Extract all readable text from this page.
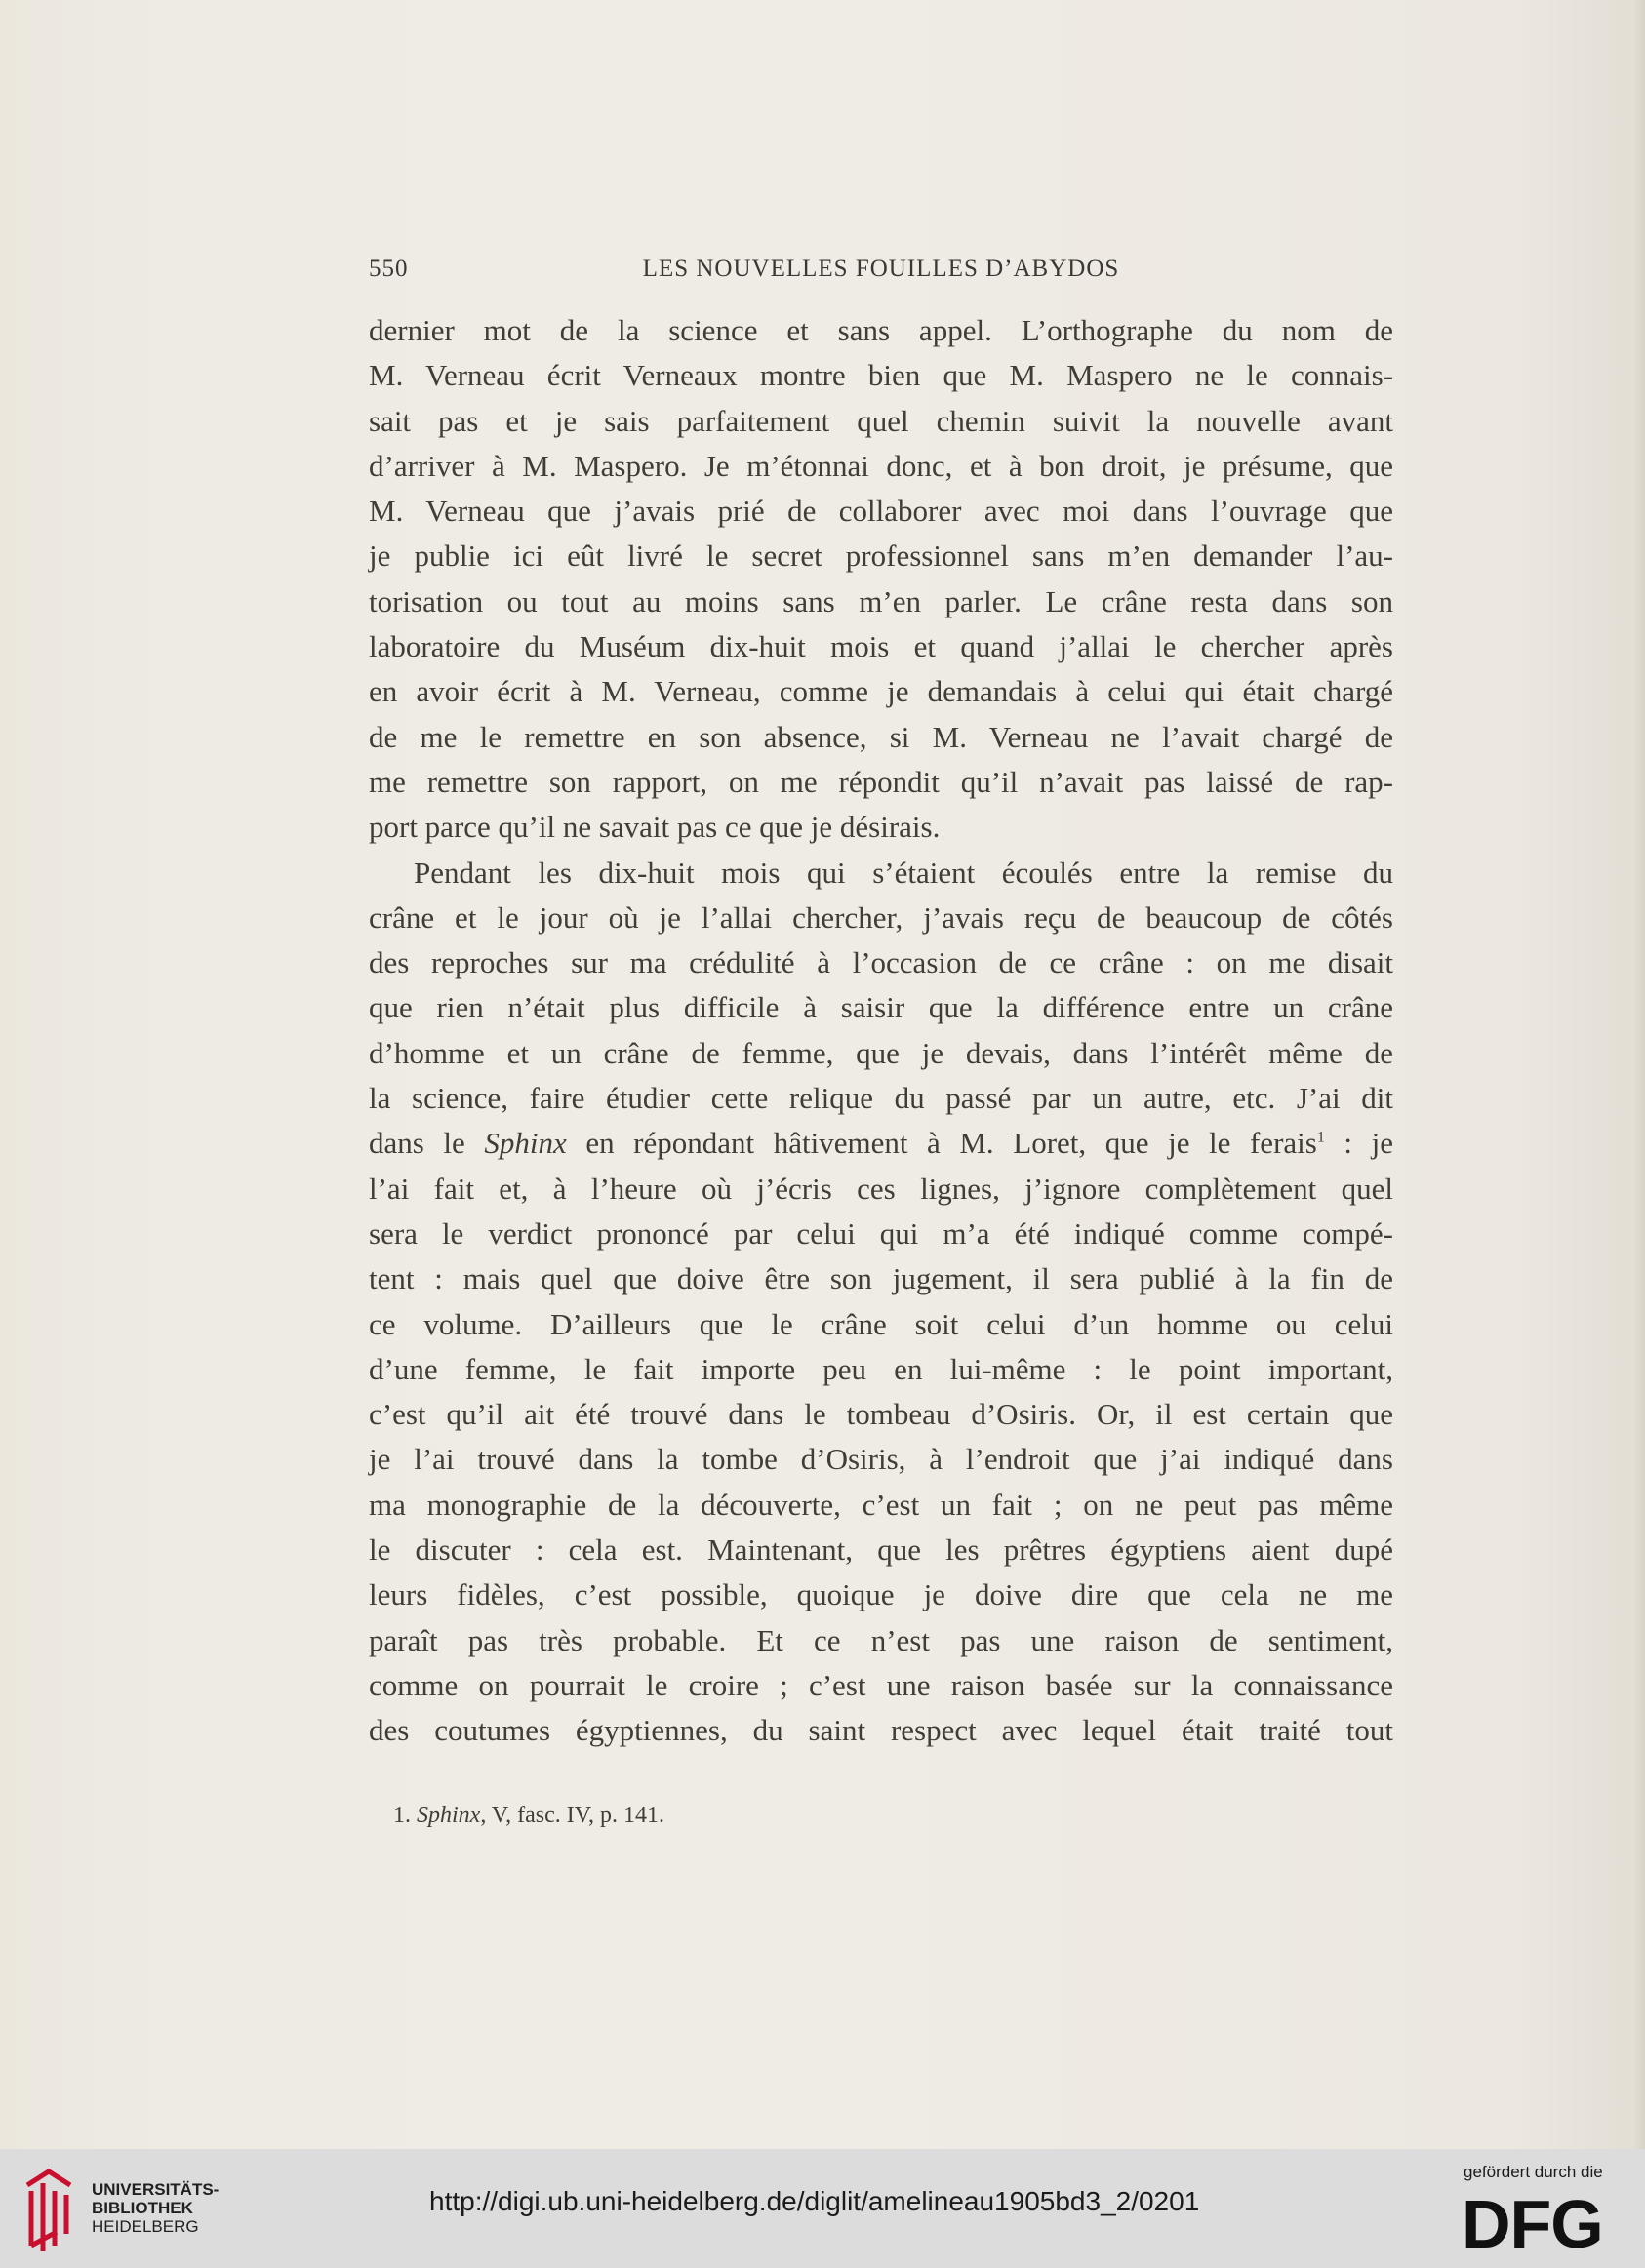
550	LES NOUVELLES FOUILLES D’ABYDOS

dernier mot de la science et sans appel. L’orthographe du nom de
M. Verneau écrit Verneaux montre bien que M. Maspero ne le connais-
sait pas et je sais parfaitement quel chemin suivit la nouvelle avant
d’arriver à M. Maspero. Je m’étonnai donc, et à bon droit, je présume, que
M. Verneau que j’avais prié de collaborer avec moi dans l’ouvrage que
je publie ici eût livré le secret professionnel sans m’en demander l’au-
torisation ou tout au moins sans m’en parler. Le crâne resta dans son
laboratoire du Muséum dix-huit mois et quand j’allai le chercher après
en avoir écrit à M. Verneau, comme je demandais à celui qui était chargé
de me le remettre en son absence, si M. Verneau ne l’avait chargé de
me remettre son rapport, on me répondit qu’il n’avait pas laissé de rap-
port parce qu’il ne savait pas ce que je désirais.

Pendant les dix-huit mois qui s’étaient écoulés entre la remise du
crâne et le jour où je l’allai chercher, j’avais reçu de beaucoup de côtés
des reproches sur ma crédulité à l’occasion de ce crâne : on me disait
que rien n’était plus difficile à saisir que la différence entre un crâne
d’homme et un crâne de femme, que je devais, dans l’intérêt même de
la science, faire étudier cette relique du passé par un autre, etc. J’ai dit
dans le Sphinx en répondant hâtivement à M. Loret, que je le ferais$^1$ : je
l’ai fait et, à l’heure où j’écris ces lignes, j’ignore complètement quel
sera le verdict prononcé par celui qui m’a été indiqué comme compé-
tent : mais quel que doive être son jugement, il sera publié à la fin de
ce volume. D’ailleurs que le crâne soit celui d’un homme ou celui
d’une femme, le fait importe peu en lui-même : le point important,
c’est qu’il ait été trouvé dans le tombeau d’Osiris. Or, il est certain que
je l’ai trouvé dans la tombe d’Osiris, à l’endroit que j’ai indiqué dans
ma monographie de la découverte, c’est un fait ; on ne peut pas même
le discuter : cela est. Maintenant, que les prêtres égyptiens aient dupé
leurs fidèles, c’est possible, quoique je doive dire que cela ne me
paraît pas très probable. Et ce n’est pas une raison de sentiment,
comme on pourrait le croire ; c’est une raison basée sur la connaissance
des coutumes égyptiennes, du saint respect avec lequel était traité tout

1. Sphinx, V, fasc. IV, p. 141.
UNIVERSITÄTS-
BIBLIOTHEK
HEIDELBERG
http://digi.ub.uni-heidelberg.de/diglit/amelineau1905bd3_2/0201
gefördert durch die
DFG
